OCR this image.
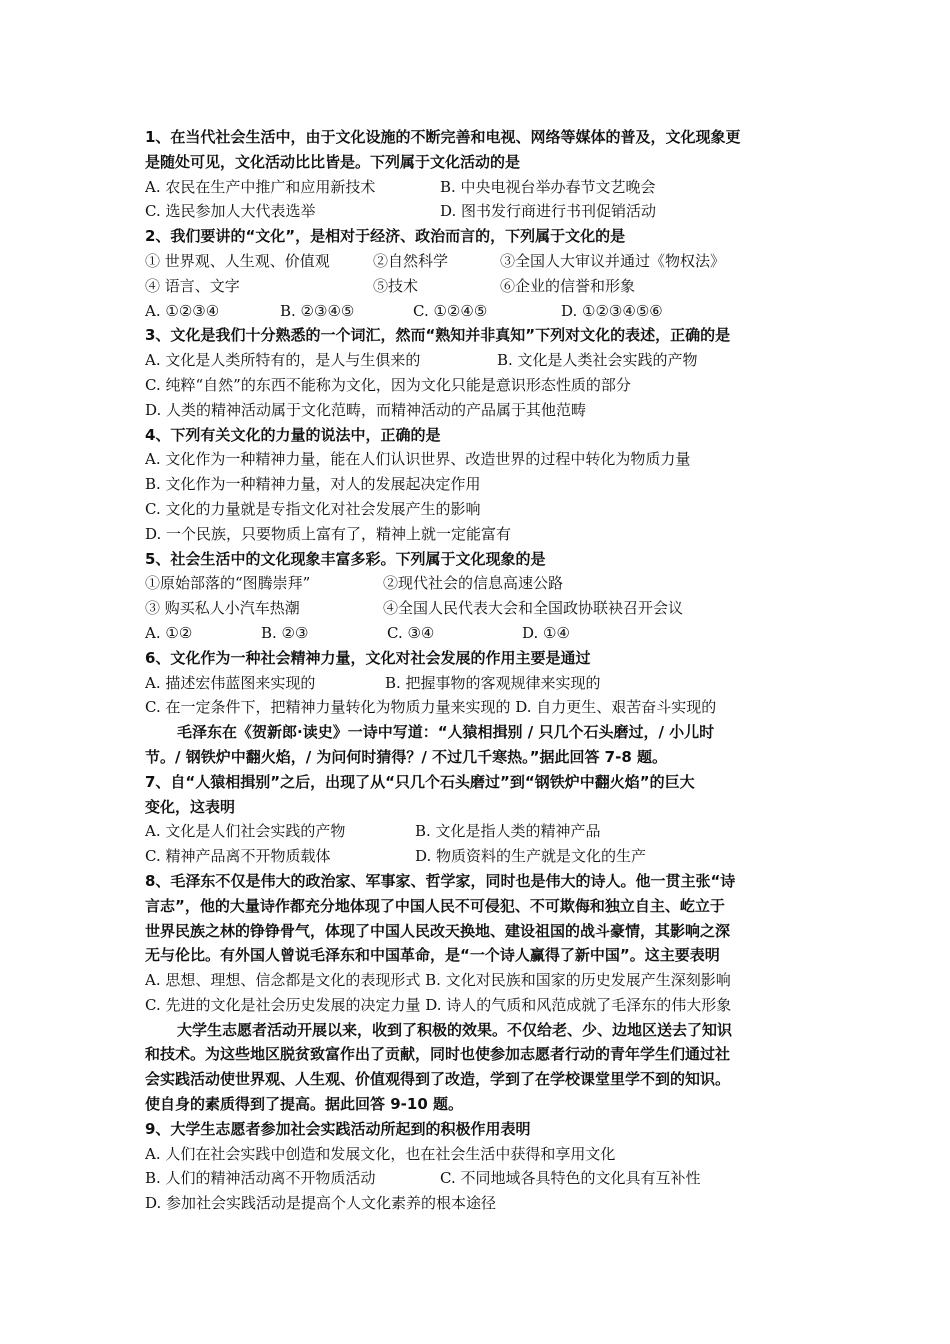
1、在当代社会生活中，由于文化设施的不断完善和电视、网络等媒体的普及，文化现象更
是随处可见，文化活动比比皆是。下列属于文化活动的是
A. 农民在生产中推广和应用新技术	B. 中央电视台举办春节文艺晚会
C. 选民参加人大代表选举	D. 图书发行商进行书刊促销活动
2、我们要讲的“文化”，是相对于经济、政治而言的，下列属于文化的是
① 世界观、人生观、价值观	②自然科学	③全国人大审议并通过《物权法》
④ 语言、文字	⑤技术	⑥企业的信誉和形象
A. ①②③④	B. ②③④⑤	C. ①②④⑤	D. ①②③④⑤⑥
3、文化是我们十分熟悉的一个词汇，然而“熟知并非真知”下列对文化的表述，正确的是
A. 文化是人类所特有的，是人与生俱来的	B. 文化是人类社会实践的产物
C. 纯粹“自然”的东西不能称为文化，因为文化只能是意识形态性质的部分
D. 人类的精神活动属于文化范畴，而精神活动的产品属于其他范畴
4、下列有关文化的力量的说法中，正确的是
A. 文化作为一种精神力量，能在人们认识世界、改造世界的过程中转化为物质力量
B. 文化作为一种精神力量，对人的发展起决定作用
C. 文化的力量就是专指文化对社会发展产生的影响
D. 一个民族，只要物质上富有了，精神上就一定能富有
5、社会生活中的文化现象丰富多彩。下列属于文化现象的是
①原始部落的“图腾崇拜”	②现代社会的信息高速公路
③ 购买私人小汽车热潮	④全国人民代表大会和全国政协联袂召开会议
A. ①②	B. ②③	C. ③④	D. ①④
6、文化作为一种社会精神力量，文化对社会发展的作用主要是通过
A. 描述宏伟蓝图来实现的	B. 把握事物的客观规律来实现的
C. 在一定条件下，把精神力量转化为物质力量来实现的 D. 自力更生、艰苦奋斗实现的
毛泽东在《贺新郎·读史》一诗中写道：“人猿相揖别 / 只几个石头磨过，/ 小儿时
节。/ 钢铁炉中翻火焰，/ 为问何时猜得？/ 不过几千寒热。”据此回答 7-8 题。
7、自“人猿相揖别”之后，出现了从“只几个石头磨过”到“钢铁炉中翻火焰”的巨大
变化，这表明
A. 文化是人们社会实践的产物	B. 文化是指人类的精神产品
C. 精神产品离不开物质载体	D. 物质资料的生产就是文化的生产
8、毛泽东不仅是伟大的政治家、军事家、哲学家，同时也是伟大的诗人。他一贯主张“诗
言志”，他的大量诗作都充分地体现了中国人民不可侵犯、不可欺侮和独立自主、屹立于
世界民族之林的铮铮骨气，体现了中国人民改天换地、建设祖国的战斗豪情，其影响之深
无与伦比。有外国人曾说毛泽东和中国革命，是“一个诗人赢得了新中国”。这主要表明
A. 思想、理想、信念都是文化的表现形式 B. 文化对民族和国家的历史发展产生深刻影响
C. 先进的文化是社会历史发展的决定力量 D. 诗人的气质和风范成就了毛泽东的伟大形象
大学生志愿者活动开展以来，收到了积极的效果。不仅给老、少、边地区送去了知识
和技术。为这些地区脱贫致富作出了贡献，同时也使参加志愿者行动的青年学生们通过社
会实践活动使世界观、人生观、价值观得到了改造，学到了在学校课堂里学不到的知识。
使自身的素质得到了提高。据此回答 9-10 题。
9、大学生志愿者参加社会实践活动所起到的积极作用表明
A. 人们在社会实践中创造和发展文化，也在社会生活中获得和享用文化
B. 人们的精神活动离不开物质活动	C. 不同地域各具特色的文化具有互补性
D. 参加社会实践活动是提高个人文化素养的根本途径
